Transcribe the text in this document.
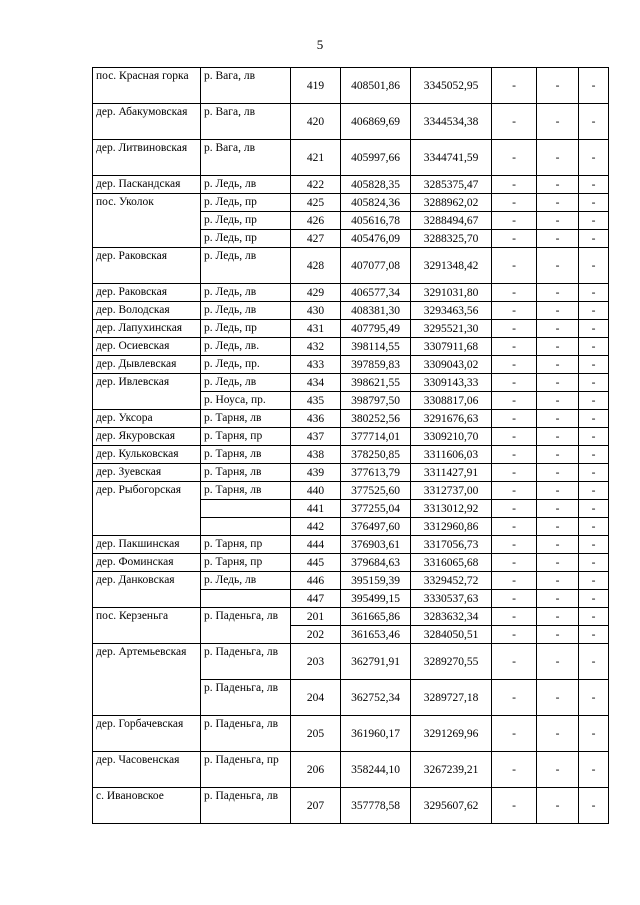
5
пос. Красная горка	р. Вага, лв	419	408501,86	3345052,95	-	-	-
дер. Абакумовская	р. Вага, лв	420	406869,69	3344534,38	-	-	-
дер. Литвиновская	р. Вага, лв	421	405997,66	3344741,59	-	-	-
дер. Паскандская	р. Ледь, лв	422	405828,35	3285375,47	-	-	-
пос. Уколок	р. Ледь, пр	425	405824,36	3288962,02	-	-	-
	р. Ледь, пр	426	405616,78	3288494,67	-	-	-
	р. Ледь, пр	427	405476,09	3288325,70	-	-	-
дер. Раковская	р. Ледь, лв	428	407077,08	3291348,42	-	-	-
дер. Раковская	р. Ледь, лв	429	406577,34	3291031,80	-	-	-
дер. Володская	р. Ледь, лв	430	408381,30	3293463,56	-	-	-
дер. Лапухинская	р. Ледь, пр	431	407795,49	3295521,30	-	-	-
дер. Осиевская	р. Ледь, лв.	432	398114,55	3307911,68	-	-	-
дер. Дывлевская	р. Ледь, пр.	433	397859,83	3309043,02	-	-	-
дер. Ивлевская	р. Ледь, лв	434	398621,55	3309143,33	-	-	-
	р. Ноуса, пр.	435	398797,50	3308817,06	-	-	-
дер. Уксора	р. Тарня, лв	436	380252,56	3291676,63	-	-	-
дер. Якуровская	р. Тарня, пр	437	377714,01	3309210,70	-	-	-
дер. Кульковская	р. Тарня, лв	438	378250,85	3311606,03	-	-	-
дер. Зуевская	р. Тарня, лв	439	377613,79	3311427,91	-	-	-
дер. Рыбогорская	р. Тарня, лв	440	377525,60	3312737,00	-	-	-
		441	377255,04	3313012,92	-	-	-
		442	376497,60	3312960,86	-	-	-
дер. Пакшинская	р. Тарня, пр	444	376903,61	3317056,73	-	-	-
дер. Фоминская	р. Тарня, пр	445	379684,63	3316065,68	-	-	-
дер. Данковская	р. Ледь, лв	446	395159,39	3329452,72	-	-	-
		447	395499,15	3330537,63	-	-	-
пос. Керзеньга	р. Паденьга, лв	201	361665,86	3283632,34	-	-	-
		202	361653,46	3284050,51	-	-	-
дер. Артемьевская	р. Паденьга, лв	203	362791,91	3289270,55	-	-	-
	р. Паденьга, лв	204	362752,34	3289727,18	-	-	-
дер. Горбачевская	р. Паденьга, лв	205	361960,17	3291269,96	-	-	-
дер. Часовенская	р. Паденьга, пр	206	358244,10	3267239,21	-	-	-
с. Ивановское	р. Паденьга, лв	207	357778,58	3295607,62	-	-	-
